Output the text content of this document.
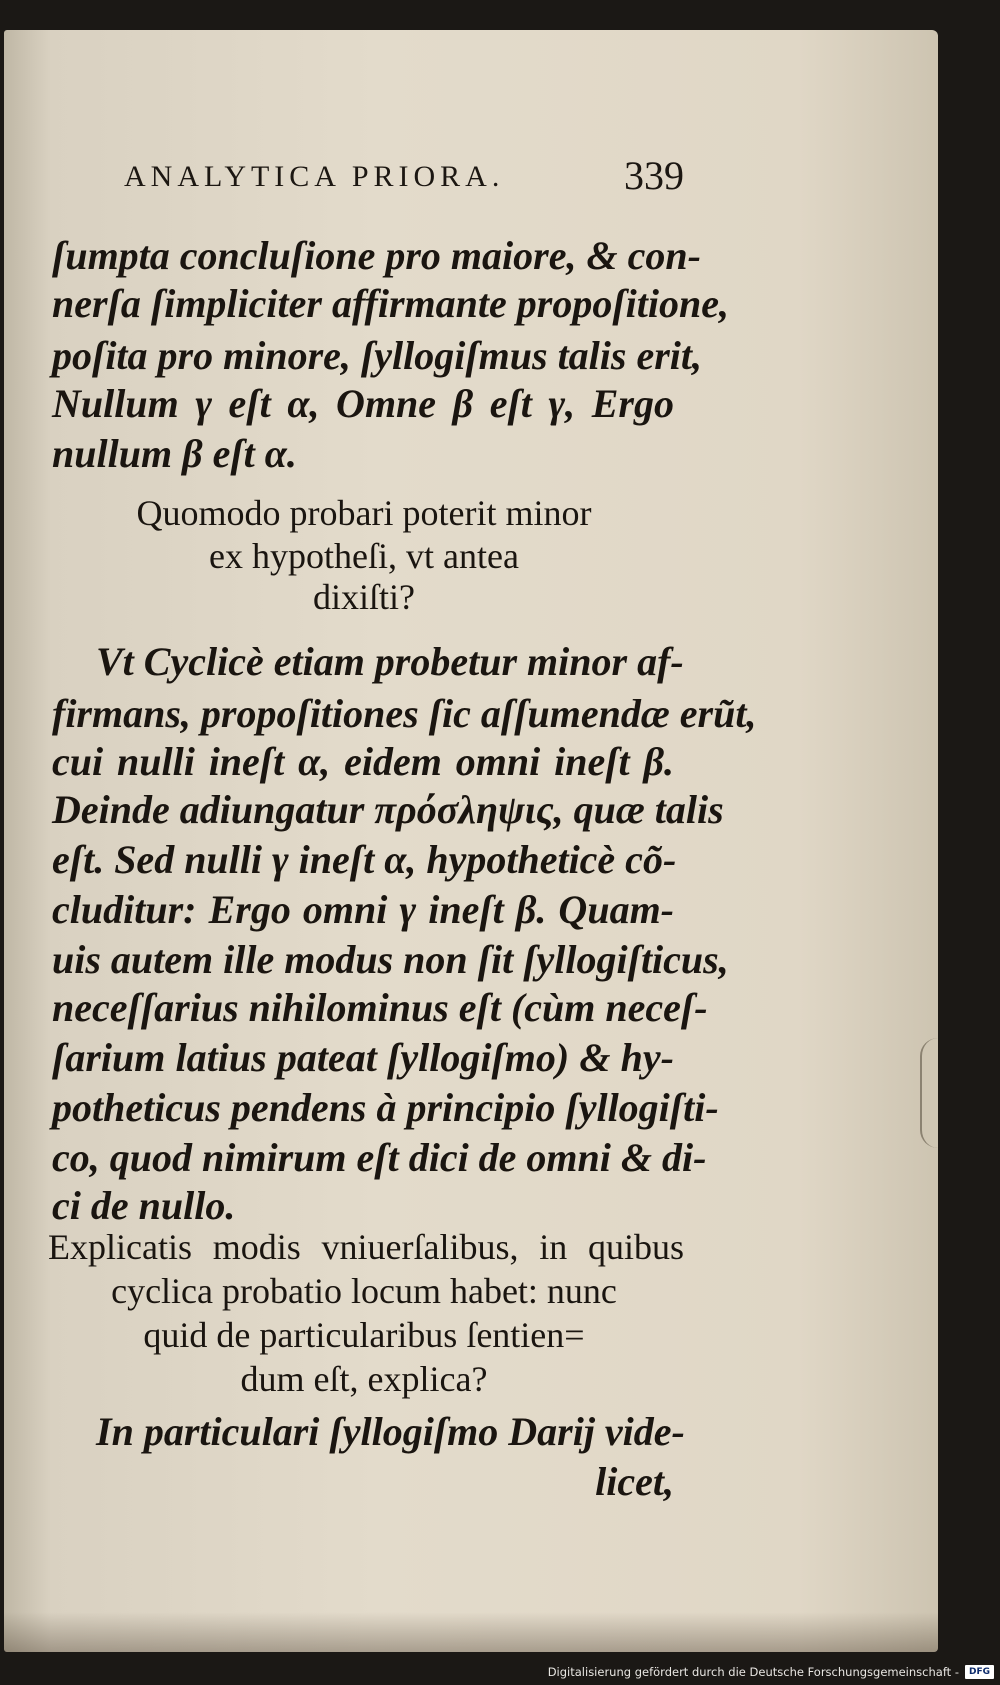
ANALYTICA PRIORA.	339
ſumpta concluſione pro maiore, & con-
nerſa ſimpliciter affirmante propoſitione,
poſita pro minore, ſyllogiſmus talis erit,
Nullum γ eſt α, Omne β eſt γ, Ergo
nullum β eſt α.
Quomodo probari poterit minor
ex hypotheſi, vt antea
dixiſti?
Vt Cyclicè etiam probetur minor af-
firmans, propoſitiones ſic aſſumendæ erũt,
cui nulli ineſt α, eidem omni ineſt β.
Deinde adiungatur πρόσληψις, quæ talis
eſt. Sed nulli γ ineſt α, hypotheticè cõ-
cluditur: Ergo omni γ ineſt β. Quam-
uis autem ille modus non ſit ſyllogiſticus,
neceſſarius nihilominus eſt (cùm neceſ-
ſarium latius pateat ſyllogiſmo) & hy-
potheticus pendens à principio ſyllogiſti-
co, quod nimirum eſt dici de omni & di-
ci de nullo.
Explicatis modis vniuerſalibus, in quibus
cyclica probatio locum habet: nunc
quid de particularibus ſentien=
dum eſt, explica?
In particulari ſyllogiſmo Darij vide-
licet,
Digitalisierung gefördert durch die Deutsche Forschungsgemeinschaft -	DFG
